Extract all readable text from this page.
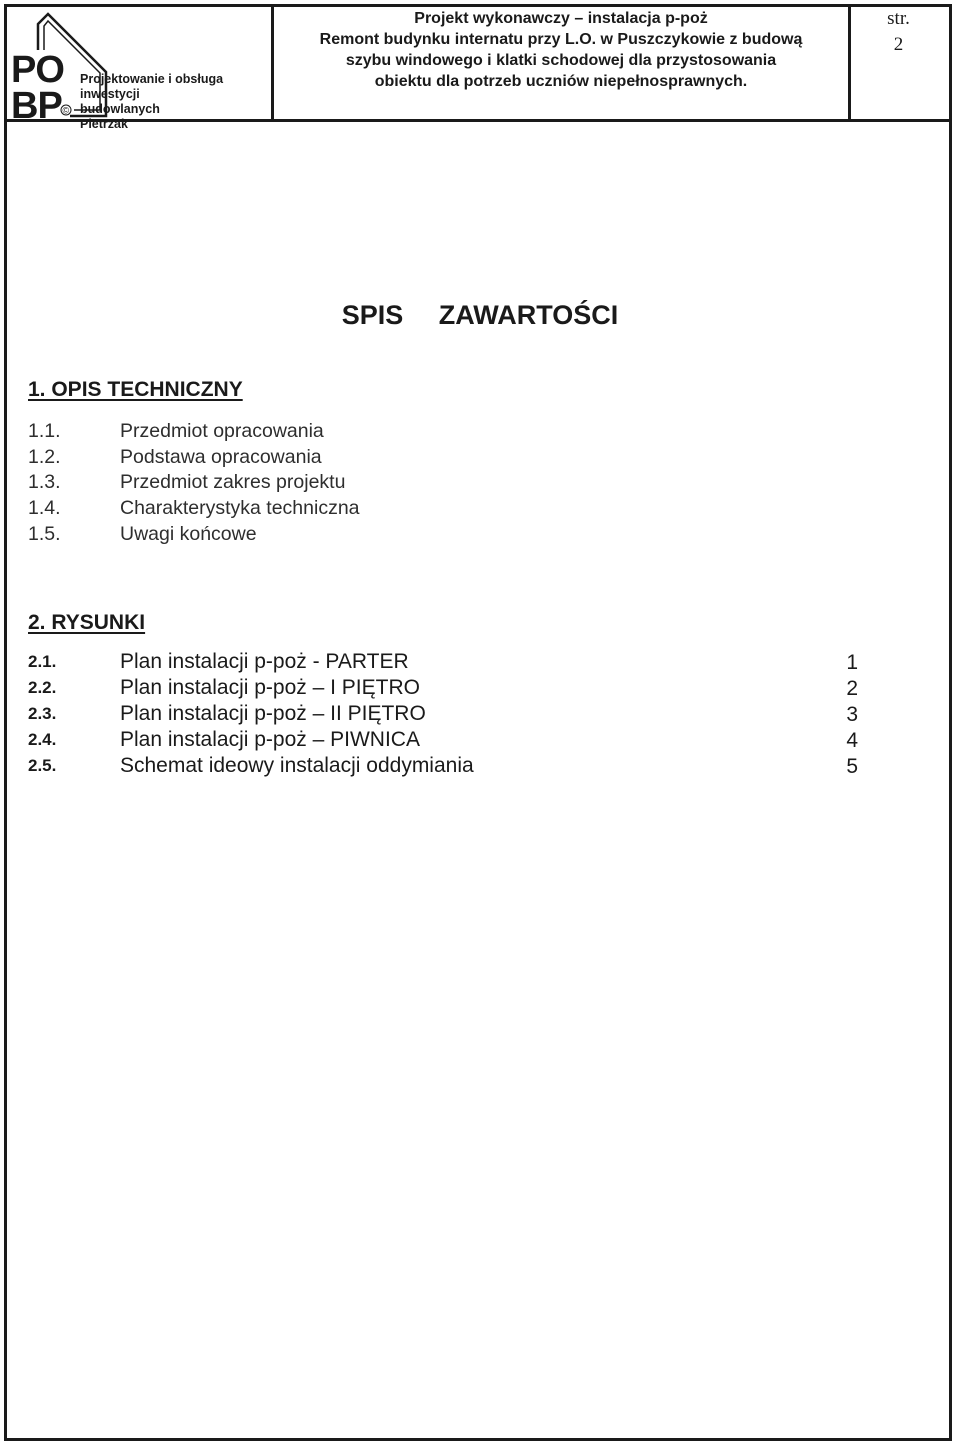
PO
BP ©
Projektowanie i obsługa inwestycji
budowlanych
Pietrzak
Projekt wykonawczy – instalacja p-poż
Remont budynku internatu przy L.O. w Puszczykowie z budową
szybu windowego i klatki schodowej dla przystosowania
obiektu dla potrzeb uczniów niepełnosprawnych.
str.
2
SPIS ZAWARTOŚCI
1. OPIS TECHNICZNY
1.1.	Przedmiot opracowania
1.2.	Podstawa opracowania
1.3.	Przedmiot zakres projektu
1.4.	Charakterystyka techniczna
1.5.	Uwagi końcowe
2. RYSUNKI
2.1.	Plan instalacji p-poż - PARTER	1
2.2.	Plan instalacji p-poż – I PIĘTRO	2
2.3.	Plan instalacji p-poż – II PIĘTRO	3
2.4.	Plan instalacji p-poż – PIWNICA	4
2.5.	Schemat ideowy instalacji oddymiania	5
